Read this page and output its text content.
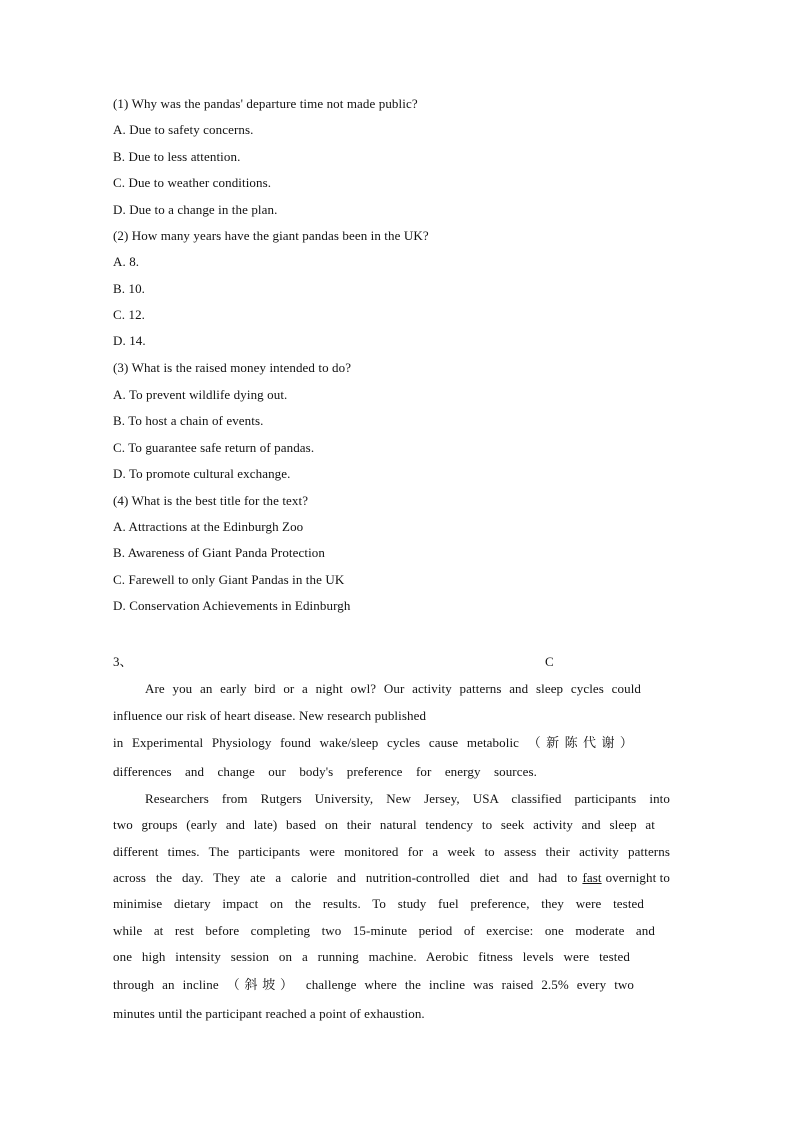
(1) Why was the pandas' departure time not made public?
A. Due to safety concerns.
B. Due to less attention.
C. Due to weather conditions.
D. Due to a change in the plan.
(2) How many years have the giant pandas been in the UK?
A. 8.
B. 10.
C. 12.
D. 14.
(3) What is the raised money intended to do?
A. To prevent wildlife dying out.
B. To host a chain of events.
C. To guarantee safe return of pandas.
D. To promote cultural exchange.
(4) What is the best title for the text?
A. Attractions at the Edinburgh Zoo
B. Awareness of Giant Panda Protection
C. Farewell to only Giant Pandas in the UK
D. Conservation Achievements in Edinburgh
3、	C
Are you an early bird or a night owl? Our activity patterns and sleep cycles could
influence our risk of heart disease. New research published
in Experimental Physiology found wake/sleep cycles cause metabolic （新陈代谢）
differences and change our body's preference for energy sources.
Researchers from Rutgers University, New Jersey, USA classified participants into
two groups (early and late) based on their natural tendency to seek activity and sleep at
different times. The participants were monitored for a week to assess their activity patterns
across the day. They ate a calorie and nutrition-controlled diet and had to fast overnight to
minimise dietary impact on the results. To study fuel preference, they were tested
while at rest before completing two 15-minute period of exercise: one moderate and
one high intensity session on a running machine. Aerobic fitness levels were tested
through an incline （斜坡） challenge where the incline was raised 2.5% every two
minutes until the participant reached a point of exhaustion.
